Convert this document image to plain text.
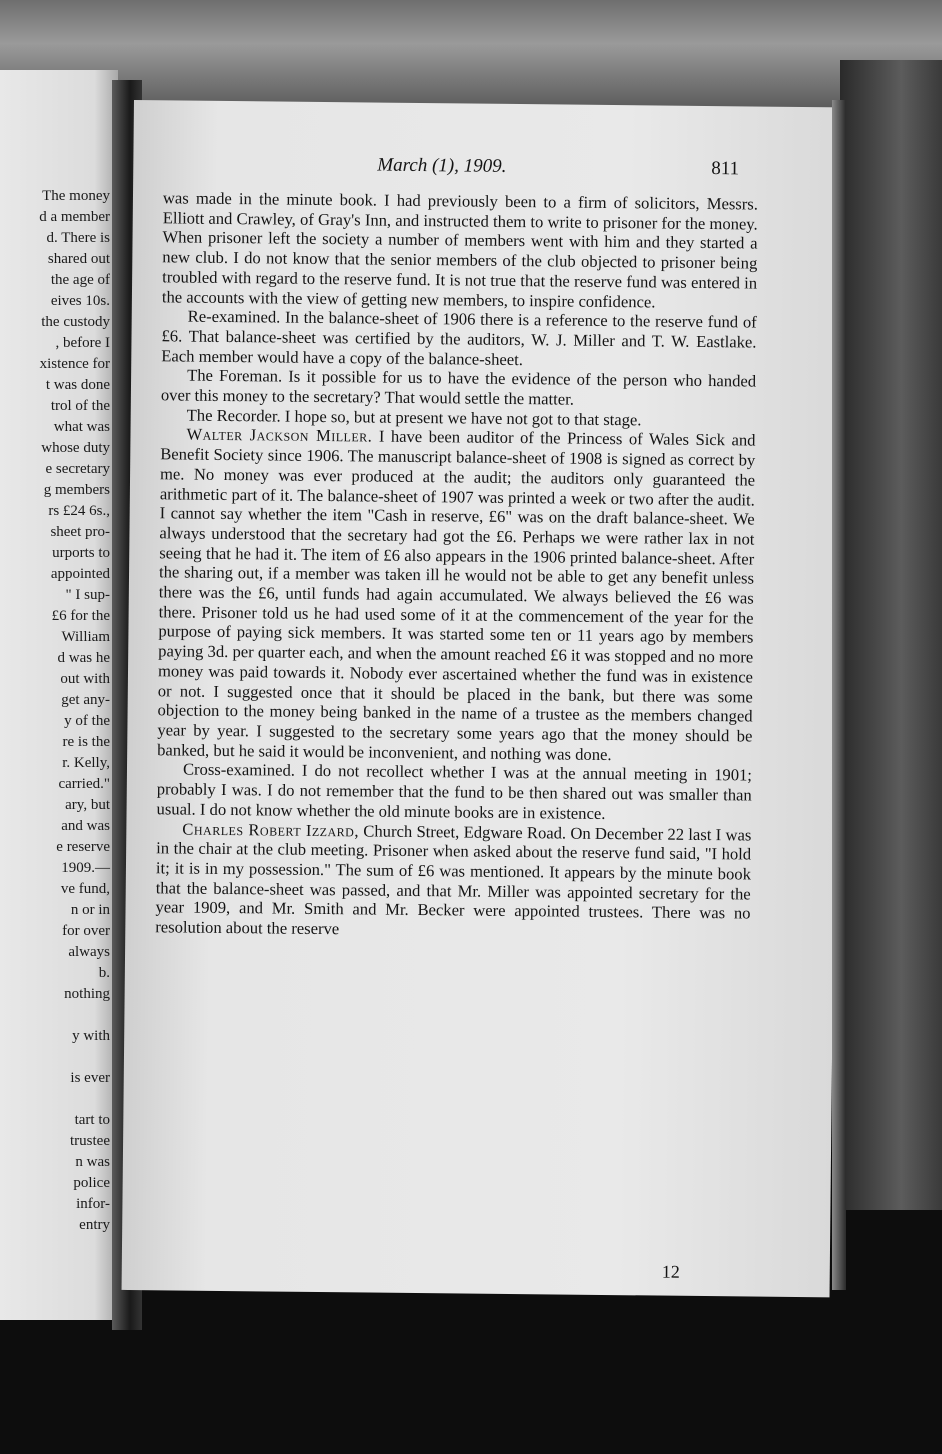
The money
d a member
d. There is
shared out
the age of
eives 10s.
the custody
, before I
xistence for
t was done
trol of the
what was
whose duty
e secretary
g members
rs £24 6s.,
sheet pro-
urports to
appointed
" I sup-
£6 for the
William
d was he
out with
get any-
y of the
re is the
r. Kelly,
carried."
ary, but
and was
e reserve
1909.—
ve fund,
n or in
for over
always
b.
nothing
y with
is ever
tart to
trustee
n was
police
infor-
entry
March (1), 1909.	811

was made in the minute book. I had previously been to a firm of solicitors, Messrs. Elliott and Crawley, of Gray's Inn, and instructed them to write to prisoner for the money. When prisoner left the society a number of members went with him and they started a new club. I do not know that the senior members of the club objected to prisoner being troubled with regard to the reserve fund. It is not true that the reserve fund was entered in the accounts with the view of getting new members, to inspire confidence.

Re-examined. In the balance-sheet of 1906 there is a reference to the reserve fund of £6. That balance-sheet was certified by the auditors, W. J. Miller and T. W. Eastlake. Each member would have a copy of the balance-sheet.

The Foreman. Is it possible for us to have the evidence of the person who handed over this money to the secretary? That would settle the matter.

The Recorder. I hope so, but at present we have not got to that stage.

Walter Jackson Miller. I have been auditor of the Princess of Wales Sick and Benefit Society since 1906. The manuscript balance-sheet of 1908 is signed as correct by me. No money was ever produced at the audit; the auditors only guaranteed the arithmetic part of it. The balance-sheet of 1907 was printed a week or two after the audit. I cannot say whether the item "Cash in reserve, £6" was on the draft balance-sheet. We always understood that the secretary had got the £6. Perhaps we were rather lax in not seeing that he had it. The item of £6 also appears in the 1906 printed balance-sheet. After the sharing out, if a member was taken ill he would not be able to get any benefit unless there was the £6, until funds had again accumulated. We always believed the £6 was there. Prisoner told us he had used some of it at the commencement of the year for the purpose of paying sick members. It was started some ten or 11 years ago by members paying 3d. per quarter each, and when the amount reached £6 it was stopped and no more money was paid towards it. Nobody ever ascertained whether the fund was in existence or not. I suggested once that it should be placed in the bank, but there was some objection to the money being banked in the name of a trustee as the members changed year by year. I suggested to the secretary some years ago that the money should be banked, but he said it would be inconvenient, and nothing was done.

Cross-examined. I do not recollect whether I was at the annual meeting in 1901; probably I was. I do not remember that the fund to be then shared out was smaller than usual. I do not know whether the old minute books are in existence.

Charles Robert Izzard, Church Street, Edgware Road. On December 22 last I was in the chair at the club meeting. Prisoner when asked about the reserve fund said, "I hold it; it is in my possession." The sum of £6 was mentioned. It appears by the minute book that the balance-sheet was passed, and that Mr. Miller was appointed secretary for the year 1909, and Mr. Smith and Mr. Becker were appointed trustees. There was no resolution about the reserve

12
